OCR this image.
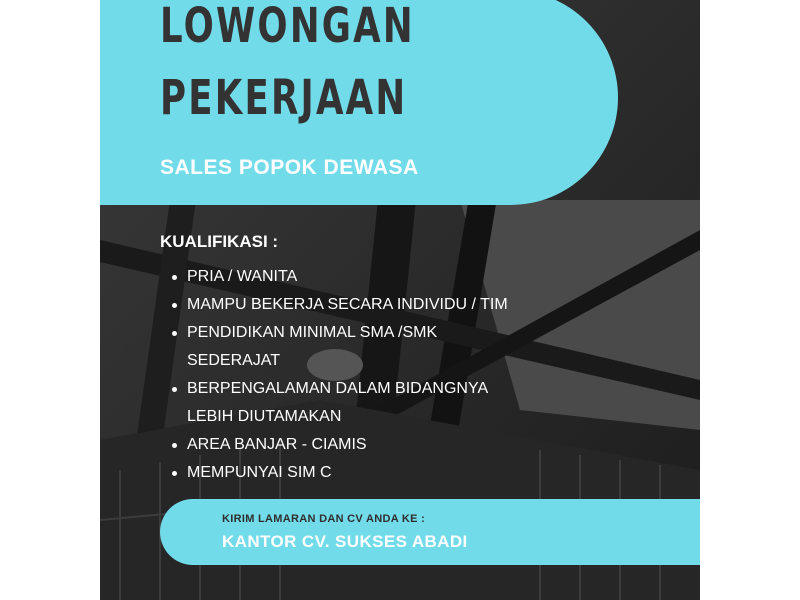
LOWONGAN
PEKERJAAN
SALES POPOK DEWASA
KUALIFIKASI :
PRIA / WANITA
MAMPU BEKERJA SECARA INDIVIDU / TIM
PENDIDIKAN MINIMAL SMA /SMK SEDERAJAT
BERPENGALAMAN DALAM BIDANGNYA LEBIH DIUTAMAKAN
AREA BANJAR - CIAMIS
MEMPUNYAI SIM C
KIRIM LAMARAN DAN CV ANDA KE :
KANTOR CV. SUKSES ABADI
